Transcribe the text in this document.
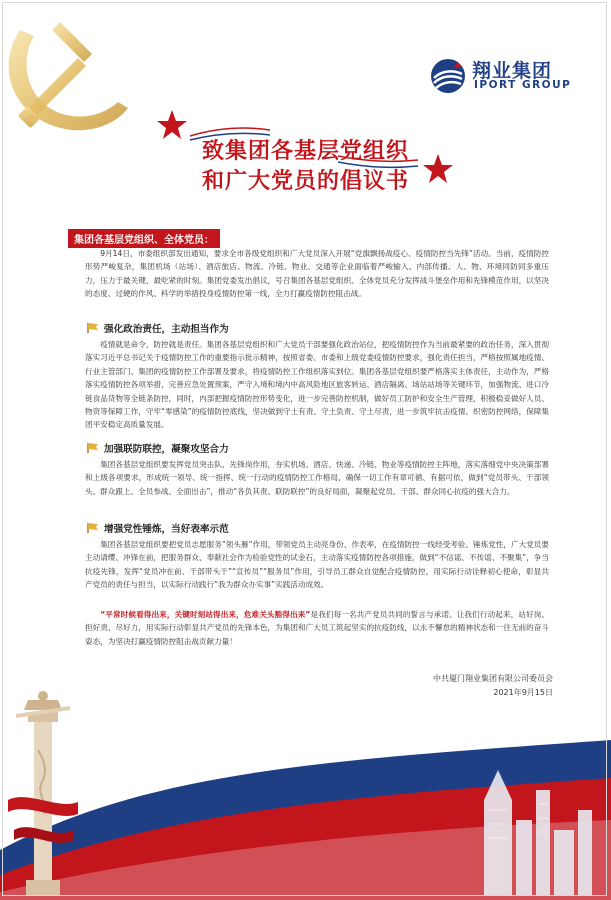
翔业集团
IPORT GROUP
致集团各基层党组织
和广大党员的倡议书
集团各基层党组织、全体党员：

9月14日，市委组织部发出通知，要求全市各级党组织和广大党员深入开展“党旗飘扬战疫心、疫情防控当先锋”活动。当前，疫情防控形势严峻复杂，集团机场（站场）、酒店旅店、物流、冷链、物业、交通等企业面临着严峻输入、内部传播、人、物、环境同防同多重压力，压力于最关键、最吃紧的时刻。集团党委发出倡议，号召集团各基层党组织、全体党员充分发挥战斗堡垒作用和先锋模范作用，以坚决的态度、过硬的作风、科学的举措投身疫情防控第一线，全力打赢疫情防控阻击战。

强化政治责任，主动担当作为

疫情就是命令，防控就是责任。集团各基层党组织和广大党员干部要强化政治站位，把疫情防控作为当前最紧要的政治任务，深入贯彻落实习近平总书记关于疫情防控工作的重要指示批示精神，按照省委、市委和上级党委疫情防控要求，强化责任担当，严格按照属地疫情、行业主管部门、集团的疫情防控工作部署及要求，将疫情防控工作组织落实到位。集团各基层党组织要严格落实主体责任，主动作为，严格落实疫情防控各项举措，完善应急处置预案，严守入境和境内中高风险地区旅客转运、酒店隔离、场站站场等关键环节，加强物流、进口冷链食品货物等全链条防控，同时，内部把握疫情防控形势变化，进一步完善防控机制，做好员工防护和安全生产管理，积极稳妥做好人员、物资等保障工作，守牢“零感染”的疫情防控底线，坚决做到守土有责、守土负责、守土尽责，进一步筑牢抗击疫情、织密防控网络，保障集团平安稳定高质量发展。

加强联防联控，凝聚攻坚合力

集团各基层党组织要发挥党员突击队、先锋岗作用，夯实机场、酒店、快递、冷链、物业等疫情防控主阵地，落实落细党中央决策部署和上级各项要求，形成统一领导、统一指挥、统一行动的疫情防控工作格局，确保一切工作有章可循、有据可依，做到“党员带头、干部领头、群众跟上、全员参战、全面出击”，推动“各负其责、联防联控”的良好局面，凝聚起党员、干部、群众同心抗疫的强大合力。

增强党性锤炼，当好表率示范

集团各基层党组织要把党员志愿服务“领头雁”作用，带领党员主动亮身份、作表率，在疫情防控一线经受考验、锤炼党性，广大党员要主动请缨、冲锋在前，把服务群众、奉献社会作为检验党性的试金石，主动落实疫情防控各项措施，做到“不信谣、不传谣、不聚集”，争当抗疫先锋，发挥“党员冲在前、干部带头干”“宣传员”“服务员”作用，引导员工群众自觉配合疫情防控，用实际行动诠释初心使命，彰显共产党员的责任与担当，以实际行动践行“我为群众办实事”实践活动成效。

“平常时候看得出来，关键时刻站得出来，危难关头豁得出来”是我们每一名共产党员共同的誓言与承诺。让我们行动起来，站好岗、担好责、尽好力，用实际行动彰显共产党员的先锋本色，为集团和广大员工筑起坚实的抗疫防线，以永不懈怠的精神状态和一往无前的奋斗姿态，为坚决打赢疫情防控阻击战贡献力量！

中共厦门翔业集团有限公司委员会
2021年9月15日
